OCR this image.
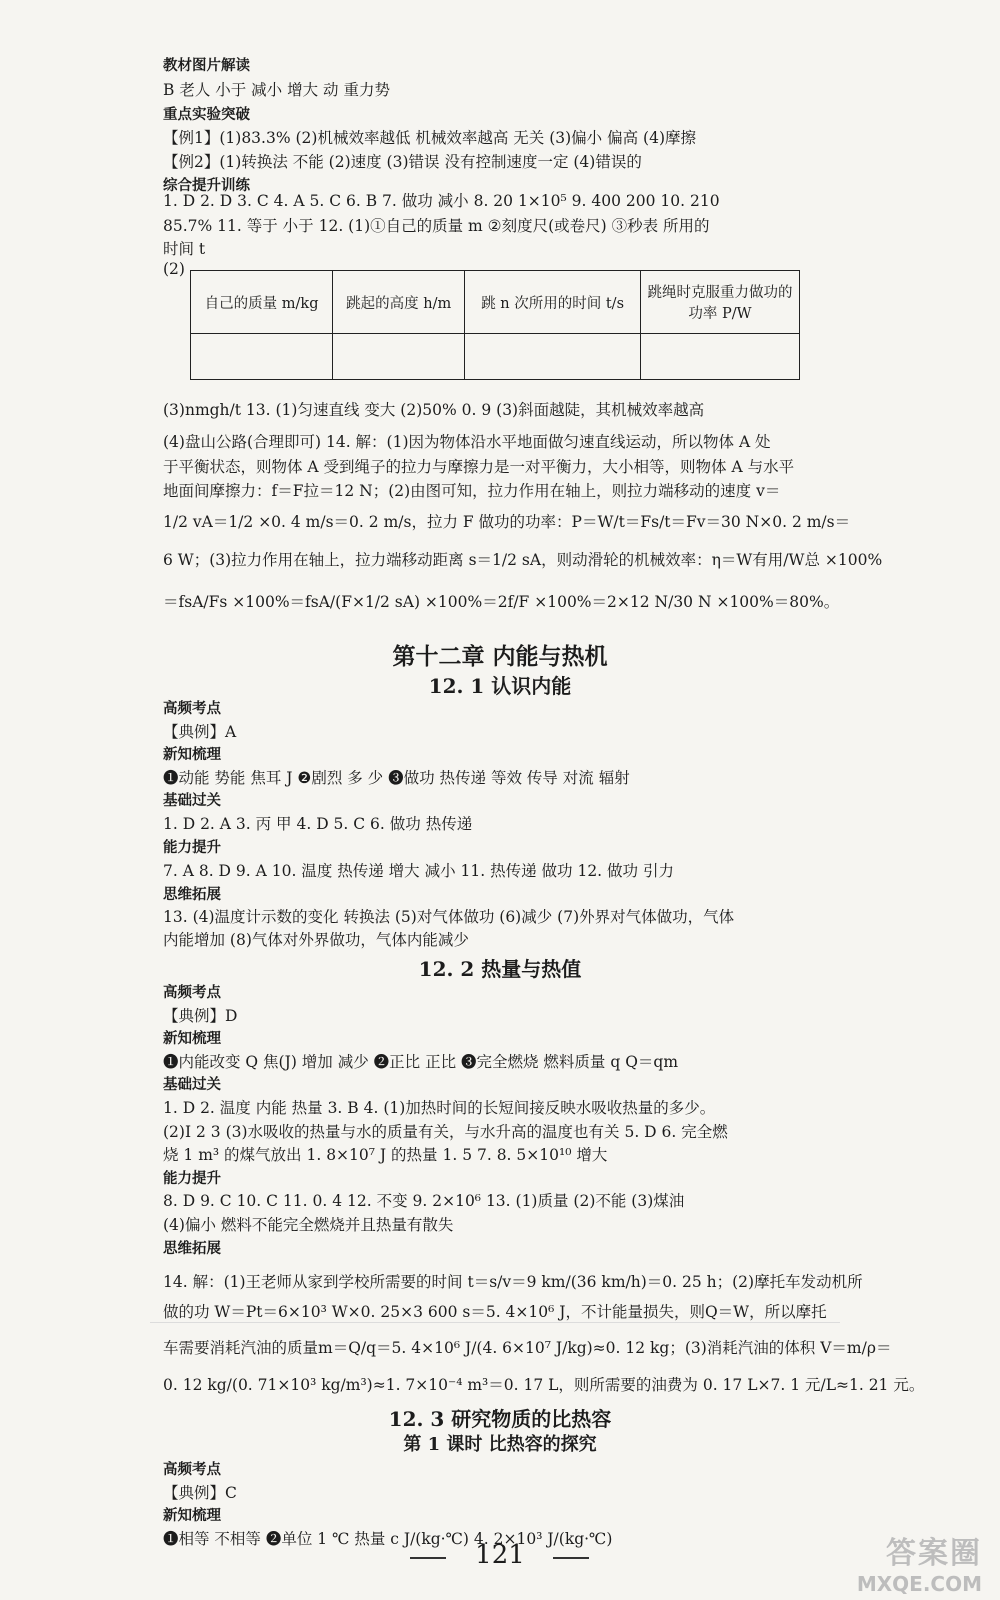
教材图片解读
B 老人 小于 减小 增大 动 重力势
重点实验突破
【例1】(1)83.3% (2)机械效率越低 机械效率越高 无关 (3)偏小 偏高 (4)摩擦
【例2】(1)转换法 不能 (2)速度 (3)错误 没有控制速度一定 (4)错误的
综合提升训练
1. D 2. D 3. C 4. A 5. C 6. B 7. 做功 减小 8. 20 1×10⁵ 9. 400 200 10. 210
85.7% 11. 等于 小于 12. (1)①自己的质量 m ②刻度尺(或卷尺) ③秒表 所用的
时间 t
(2)
自己的质量 m/kg	跳起的高度 h/m	跳 n 次所用的时间 t/s	跳绳时克服重力做功的功率 P/W

(3)nmgh/t 13. (1)匀速直线 变大 (2)50% 0. 9 (3)斜面越陡，其机械效率越高
(4)盘山公路(合理即可) 14. 解：(1)因为物体沿水平地面做匀速直线运动，所以物体 A 处
于平衡状态，则物体 A 受到绳子的拉力与摩擦力是一对平衡力，大小相等，则物体 A 与水平
地面间摩擦力：f＝F拉＝12 N；(2)由图可知，拉力作用在轴上，则拉力端移动的速度 v＝
1/2 vA＝1/2 ×0. 4 m/s＝0. 2 m/s，拉力 F 做功的功率：P＝W/t＝Fs/t＝Fv＝30 N×0. 2 m/s＝
6 W；(3)拉力作用在轴上，拉力端移动距离 s＝1/2 sA，则动滑轮的机械效率：η＝W有用/W总 ×100%
＝fsA/Fs ×100%＝fsA/(F×1/2 sA) ×100%＝2f/F ×100%＝2×12 N/30 N ×100%＝80%。
第十二章 内能与热机
12. 1 认识内能
高频考点
【典例】A
新知梳理
❶动能 势能 焦耳 J ❷剧烈 多 少 ❸做功 热传递 等效 传导 对流 辐射
基础过关
1. D 2. A 3. 丙 甲 4. D 5. C 6. 做功 热传递
能力提升
7. A 8. D 9. A 10. 温度 热传递 增大 减小 11. 热传递 做功 12. 做功 引力
思维拓展
13. (4)温度计示数的变化 转换法 (5)对气体做功 (6)减少 (7)外界对气体做功，气体
内能增加 (8)气体对外界做功，气体内能减少
12. 2 热量与热值
高频考点
【典例】D
新知梳理
❶内能改变 Q 焦(J) 增加 减少 ❷正比 正比 ❸完全燃烧 燃料质量 q Q＝qm
基础过关
1. D 2. 温度 内能 热量 3. B 4. (1)加热时间的长短间接反映水吸收热量的多少。
(2)I 2 3 (3)水吸收的热量与水的质量有关，与水升高的温度也有关 5. D 6. 完全燃
烧 1 m³ 的煤气放出 1. 8×10⁷ J 的热量 1. 5 7. 8. 5×10¹⁰ 增大
能力提升
8. D 9. C 10. C 11. 0. 4 12. 不变 9. 2×10⁶ 13. (1)质量 (2)不能 (3)煤油
(4)偏小 燃料不能完全燃烧并且热量有散失
思维拓展
14. 解：(1)王老师从家到学校所需要的时间 t＝s/v＝9 km/(36 km/h)＝0. 25 h；(2)摩托车发动机所
做的功 W＝Pt＝6×10³ W×0. 25×3 600 s＝5. 4×10⁶ J，不计能量损失，则Q＝W，所以摩托
车需要消耗汽油的质量m＝Q/q＝5. 4×10⁶ J/(4. 6×10⁷ J/kg)≈0. 12 kg；(3)消耗汽油的体积 V＝m/ρ＝
0. 12 kg/(0. 71×10³ kg/m³)≈1. 7×10⁻⁴ m³＝0. 17 L，则所需要的油费为 0. 17 L×7. 1 元/L≈1. 21 元。
12. 3 研究物质的比热容
第 1 课时 比热容的探究
高频考点
【典例】C
新知梳理
❶相等 不相等 ❷单位 1 ℃ 热量 c J/(kg·℃) 4. 2×10³ J/(kg·℃)
121	答案圈
MXQE.COM
